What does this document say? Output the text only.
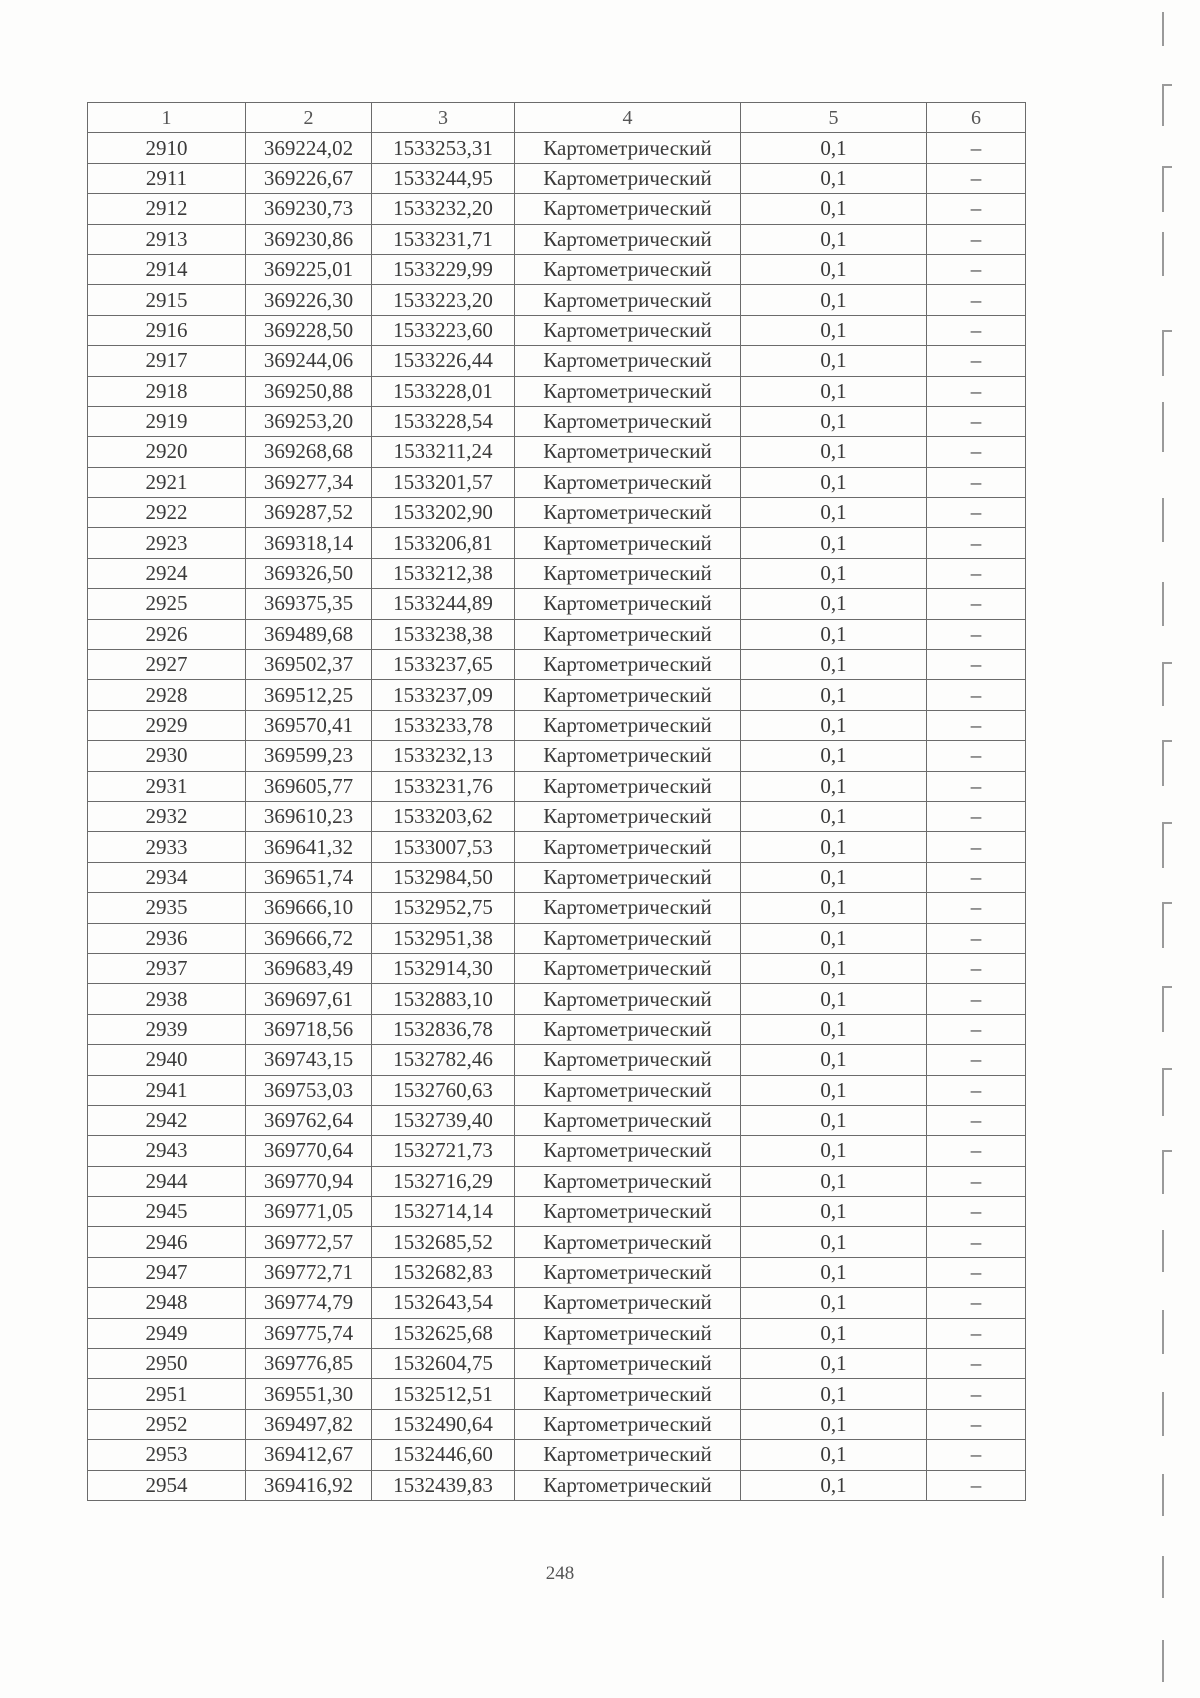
1	2	3	4	5	6
2910	369224,02	1533253,31	Картометрический	0,1	–
2911	369226,67	1533244,95	Картометрический	0,1	–
2912	369230,73	1533232,20	Картометрический	0,1	–
2913	369230,86	1533231,71	Картометрический	0,1	–
2914	369225,01	1533229,99	Картометрический	0,1	–
2915	369226,30	1533223,20	Картометрический	0,1	–
2916	369228,50	1533223,60	Картометрический	0,1	–
2917	369244,06	1533226,44	Картометрический	0,1	–
2918	369250,88	1533228,01	Картометрический	0,1	–
2919	369253,20	1533228,54	Картометрический	0,1	–
2920	369268,68	1533211,24	Картометрический	0,1	–
2921	369277,34	1533201,57	Картометрический	0,1	–
2922	369287,52	1533202,90	Картометрический	0,1	–
2923	369318,14	1533206,81	Картометрический	0,1	–
2924	369326,50	1533212,38	Картометрический	0,1	–
2925	369375,35	1533244,89	Картометрический	0,1	–
2926	369489,68	1533238,38	Картометрический	0,1	–
2927	369502,37	1533237,65	Картометрический	0,1	–
2928	369512,25	1533237,09	Картометрический	0,1	–
2929	369570,41	1533233,78	Картометрический	0,1	–
2930	369599,23	1533232,13	Картометрический	0,1	–
2931	369605,77	1533231,76	Картометрический	0,1	–
2932	369610,23	1533203,62	Картометрический	0,1	–
2933	369641,32	1533007,53	Картометрический	0,1	–
2934	369651,74	1532984,50	Картометрический	0,1	–
2935	369666,10	1532952,75	Картометрический	0,1	–
2936	369666,72	1532951,38	Картометрический	0,1	–
2937	369683,49	1532914,30	Картометрический	0,1	–
2938	369697,61	1532883,10	Картометрический	0,1	–
2939	369718,56	1532836,78	Картометрический	0,1	–
2940	369743,15	1532782,46	Картометрический	0,1	–
2941	369753,03	1532760,63	Картометрический	0,1	–
2942	369762,64	1532739,40	Картометрический	0,1	–
2943	369770,64	1532721,73	Картометрический	0,1	–
2944	369770,94	1532716,29	Картометрический	0,1	–
2945	369771,05	1532714,14	Картометрический	0,1	–
2946	369772,57	1532685,52	Картометрический	0,1	–
2947	369772,71	1532682,83	Картометрический	0,1	–
2948	369774,79	1532643,54	Картометрический	0,1	–
2949	369775,74	1532625,68	Картометрический	0,1	–
2950	369776,85	1532604,75	Картометрический	0,1	–
2951	369551,30	1532512,51	Картометрический	0,1	–
2952	369497,82	1532490,64	Картометрический	0,1	–
2953	369412,67	1532446,60	Картометрический	0,1	–
2954	369416,92	1532439,83	Картометрический	0,1	–
248
